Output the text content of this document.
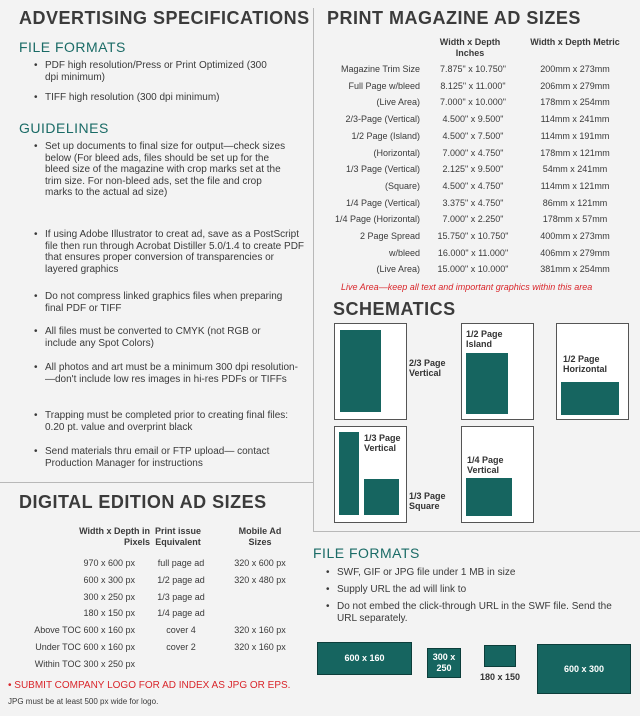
ADVERTISING SPECIFICATIONS
FILE FORMATS
• PDF high resolution/Press or Print Optimized (300 dpi minimum)
• TIFF high resolution (300 dpi minimum)
GUIDELINES
• Set up documents to final size for output—check sizes below (For bleed ads, files should be set up for the bleed size of the magazine with crop marks set at the trim size. For non-bleed ads, set the file and crop marks to the actual ad size)
• If using Adobe Illustrator to creat ad, save as a PostScript file then run through Acrobat Distiller 5.0/1.4 to create PDF that ensures proper conversion of transparencies or layered graphics
• Do not compress linked graphics files when preparing final PDF or TIFF
• All files must be converted to CMYK (not RGB or include any Spot Colors)
• All photos and art must be a minimum 300 dpi resolution-—don't include low res images in hi-res PDFs or TIFFs
• Trapping must be completed prior to creating final files: 0.20 pt. value and overprint black
• Send materials thru email or FTP upload— contact Production Manager for instructions
PRINT MAGAZINE AD SIZES
Width x Depth Inches
Width x Depth Metric
Magazine Trim Size	7.875" x 10.750"	200mm x 273mm
Full Page w/bleed	8.125" x 11.000"	206mm x 279mm
(Live Area)	7.000" x 10.000"	178mm x 254mm
2/3-Page (Vertical)	4.500" x 9.500"	114mm x 241mm
1/2 Page (Island)	4.500" x 7.500"	114mm x 191mm
(Horizontal)	7.000" x 4.750"	178mm x 121mm
1/3 Page (Vertical)	2.125" x 9.500"	54mm x 241mm
(Square)	4.500" x 4.750"	114mm x 121mm
1/4 Page (Vertical)	3.375" x 4.750"	86mm x 121mm
1/4 Page (Horizontal)	7.000" x 2.250"	178mm x 57mm
2 Page Spread	15.750" x 10.750"	400mm x 273mm
w/bleed	16.000" x 11.000"	406mm x 279mm
(Live Area)	15.000" x 10.000"	381mm x 254mm
Live Area—keep all text and important graphics within this area
SCHEMATICS
2/3 Page Vertical
1/2 Page Island
1/2 Page Horizontal
1/3 Page Vertical
1/3 Page Square
1/4 Page Vertical
DIGITAL EDITION AD SIZES
Width x Depth in Pixels
Print issue Equivalent
Mobile Ad Sizes
970 x 600 px	full page ad	320 x 600 px
600 x 300 px	1/2 page ad	320 x 480 px
300 x 250 px	1/3 page ad
180 x 150 px	1/4 page ad
Above TOC 600 x 160 px	cover 4	320 x 160 px
Under TOC 600 x 160 px	cover 2	320 x 160 px
Within TOC 300 x 250 px
• SUBMIT COMPANY LOGO FOR AD INDEX AS JPG OR EPS.
JPG must be at least 500 px wide for logo.
FILE FORMATS
• SWF, GIF or JPG file under 1 MB in size
• Supply URL the ad will link to
• Do not embed the click-through URL in the SWF file. Send the URL separately.
600 x 160	300 x 250
180 x 150
600 x 300
